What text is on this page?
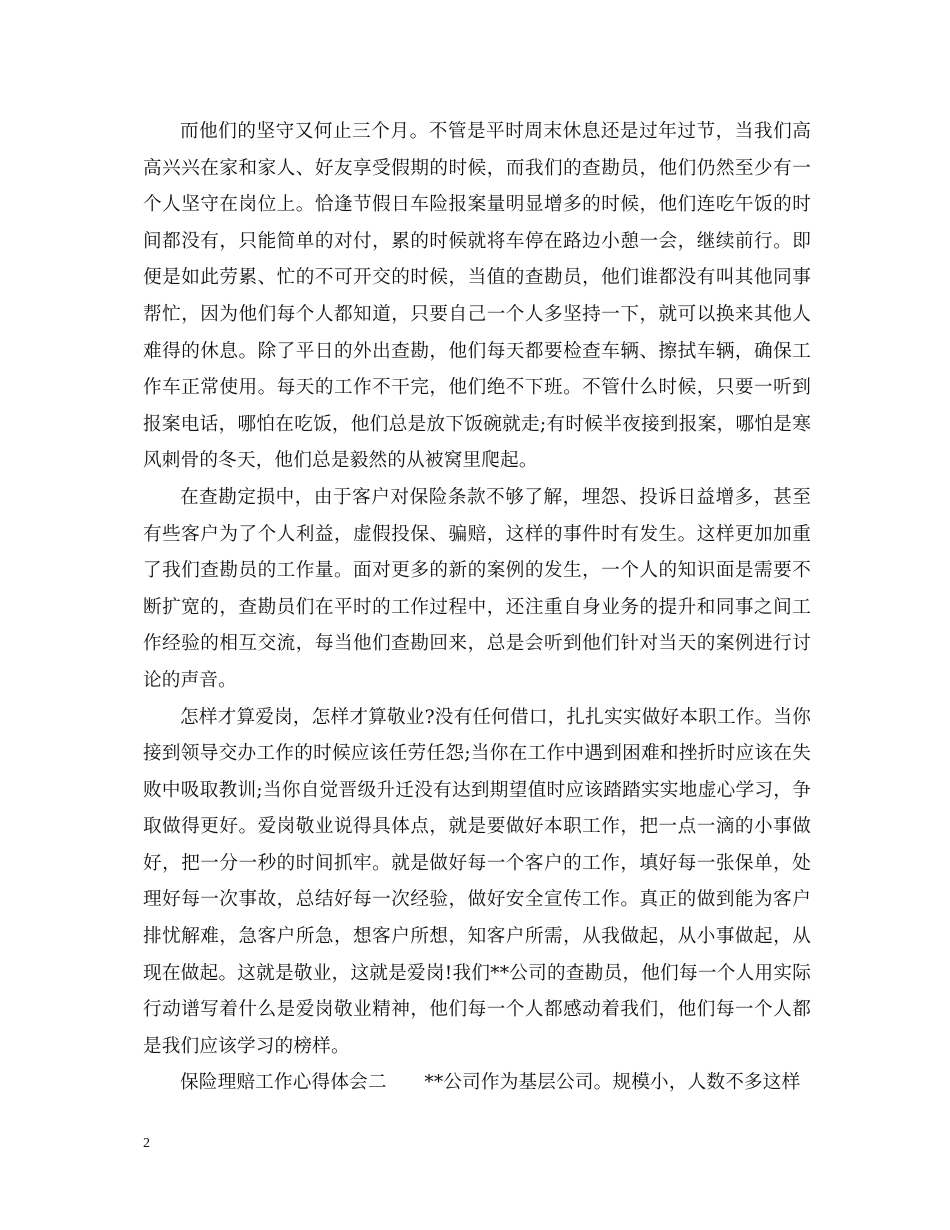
而他们的坚守又何止三个月。不管是平时周末休息还是过年过节，当我们高高兴兴在家和家人、好友享受假期的时候，而我们的查勘员，他们仍然至少有一个人坚守在岗位上。恰逢节假日车险报案量明显增多的时候，他们连吃午饭的时间都没有，只能简单的对付，累的时候就将车停在路边小憩一会，继续前行。即便是如此劳累、忙的不可开交的时候，当值的查勘员，他们谁都没有叫其他同事帮忙，因为他们每个人都知道，只要自己一个人多坚持一下，就可以换来其他人难得的休息。除了平日的外出查勘，他们每天都要检查车辆、擦拭车辆，确保工作车正常使用。每天的工作不干完，他们绝不下班。不管什么时候，只要一听到报案电话，哪怕在吃饭，他们总是放下饭碗就走;有时候半夜接到报案，哪怕是寒风刺骨的冬天，他们总是毅然的从被窝里爬起。

在查勘定损中，由于客户对保险条款不够了解，埋怨、投诉日益增多，甚至有些客户为了个人利益，虚假投保、骗赔，这样的事件时有发生。这样更加加重了我们查勘员的工作量。面对更多的新的案例的发生，一个人的知识面是需要不断扩宽的，查勘员们在平时的工作过程中，还注重自身业务的提升和同事之间工作经验的相互交流，每当他们查勘回来，总是会听到他们针对当天的案例进行讨论的声音。

怎样才算爱岗，怎样才算敬业?没有任何借口，扎扎实实做好本职工作。当你接到领导交办工作的时候应该任劳任怨;当你在工作中遇到困难和挫折时应该在失败中吸取教训;当你自觉晋级升迁没有达到期望值时应该踏踏实实地虚心学习，争取做得更好。爱岗敬业说得具体点，就是要做好本职工作，把一点一滴的小事做好，把一分一秒的时间抓牢。就是做好每一个客户的工作，填好每一张保单，处理好每一次事故，总结好每一次经验，做好安全宣传工作。真正的做到能为客户排忧解难，急客户所急，想客户所想，知客户所需，从我做起，从小事做起，从现在做起。这就是敬业，这就是爱岗!我们**公司的查勘员，他们每一个人用实际行动谱写着什么是爱岗敬业精神，他们每一个人都感动着我们，他们每一个人都是我们应该学习的榜样。

保险理赔工作心得体会二　　**公司作为基层公司。规模小，人数不多这样

2
